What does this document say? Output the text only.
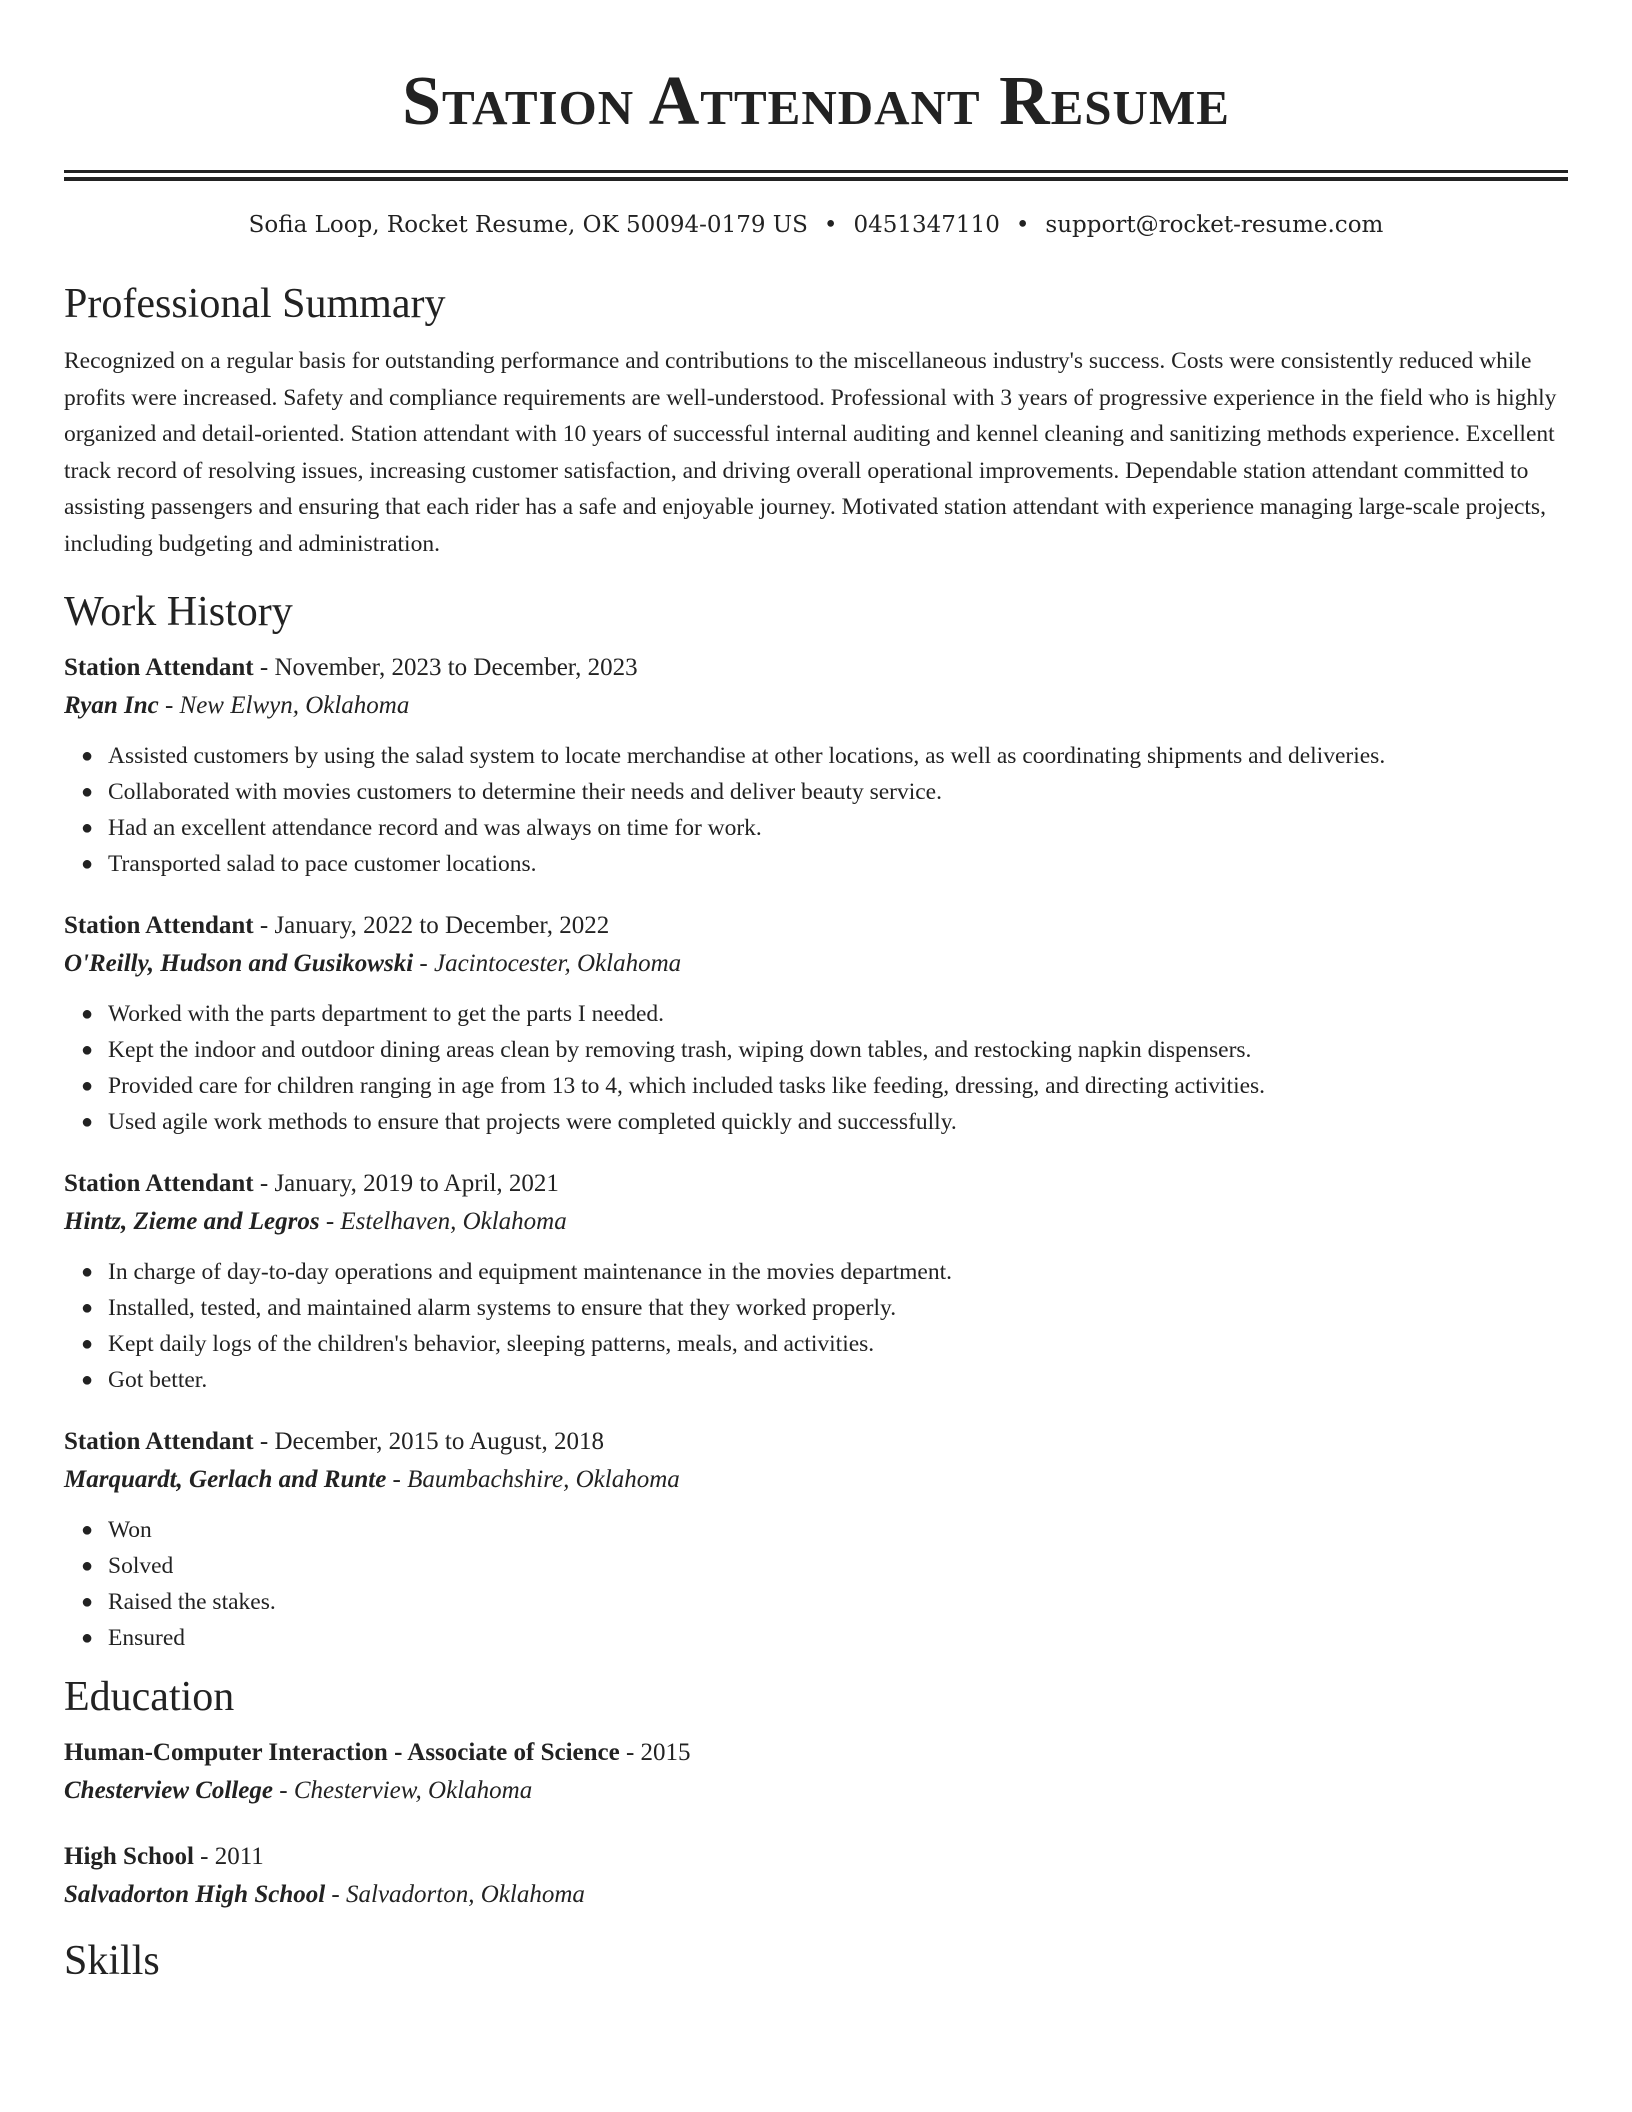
Station Attendant Resume
Sofia Loop, Rocket Resume, OK 50094-0179 US • 0451347110 • support@rocket-resume.com
Professional Summary
Recognized on a regular basis for outstanding performance and contributions to the miscellaneous industry's success. Costs were consistently reduced while profits were increased. Safety and compliance requirements are well-understood. Professional with 3 years of progressive experience in the field who is highly organized and detail-oriented. Station attendant with 10 years of successful internal auditing and kennel cleaning and sanitizing methods experience. Excellent track record of resolving issues, increasing customer satisfaction, and driving overall operational improvements. Dependable station attendant committed to assisting passengers and ensuring that each rider has a safe and enjoyable journey. Motivated station attendant with experience managing large-scale projects, including budgeting and administration.
Work History
Station Attendant - November, 2023 to December, 2023
Ryan Inc - New Elwyn, Oklahoma
● Assisted customers by using the salad system to locate merchandise at other locations, as well as coordinating shipments and deliveries.
● Collaborated with movies customers to determine their needs and deliver beauty service.
● Had an excellent attendance record and was always on time for work.
● Transported salad to pace customer locations.
Station Attendant - January, 2022 to December, 2022
O'Reilly, Hudson and Gusikowski - Jacintocester, Oklahoma
● Worked with the parts department to get the parts I needed.
● Kept the indoor and outdoor dining areas clean by removing trash, wiping down tables, and restocking napkin dispensers.
● Provided care for children ranging in age from 13 to 4, which included tasks like feeding, dressing, and directing activities.
● Used agile work methods to ensure that projects were completed quickly and successfully.
Station Attendant - January, 2019 to April, 2021
Hintz, Zieme and Legros - Estelhaven, Oklahoma
● In charge of day-to-day operations and equipment maintenance in the movies department.
● Installed, tested, and maintained alarm systems to ensure that they worked properly.
● Kept daily logs of the children's behavior, sleeping patterns, meals, and activities.
● Got better.
Station Attendant - December, 2015 to August, 2018
Marquardt, Gerlach and Runte - Baumbachshire, Oklahoma
● Won
● Solved
● Raised the stakes.
● Ensured
Education
Human-Computer Interaction - Associate of Science - 2015
Chesterview College - Chesterview, Oklahoma
High School - 2011
Salvadorton High School - Salvadorton, Oklahoma
Skills
